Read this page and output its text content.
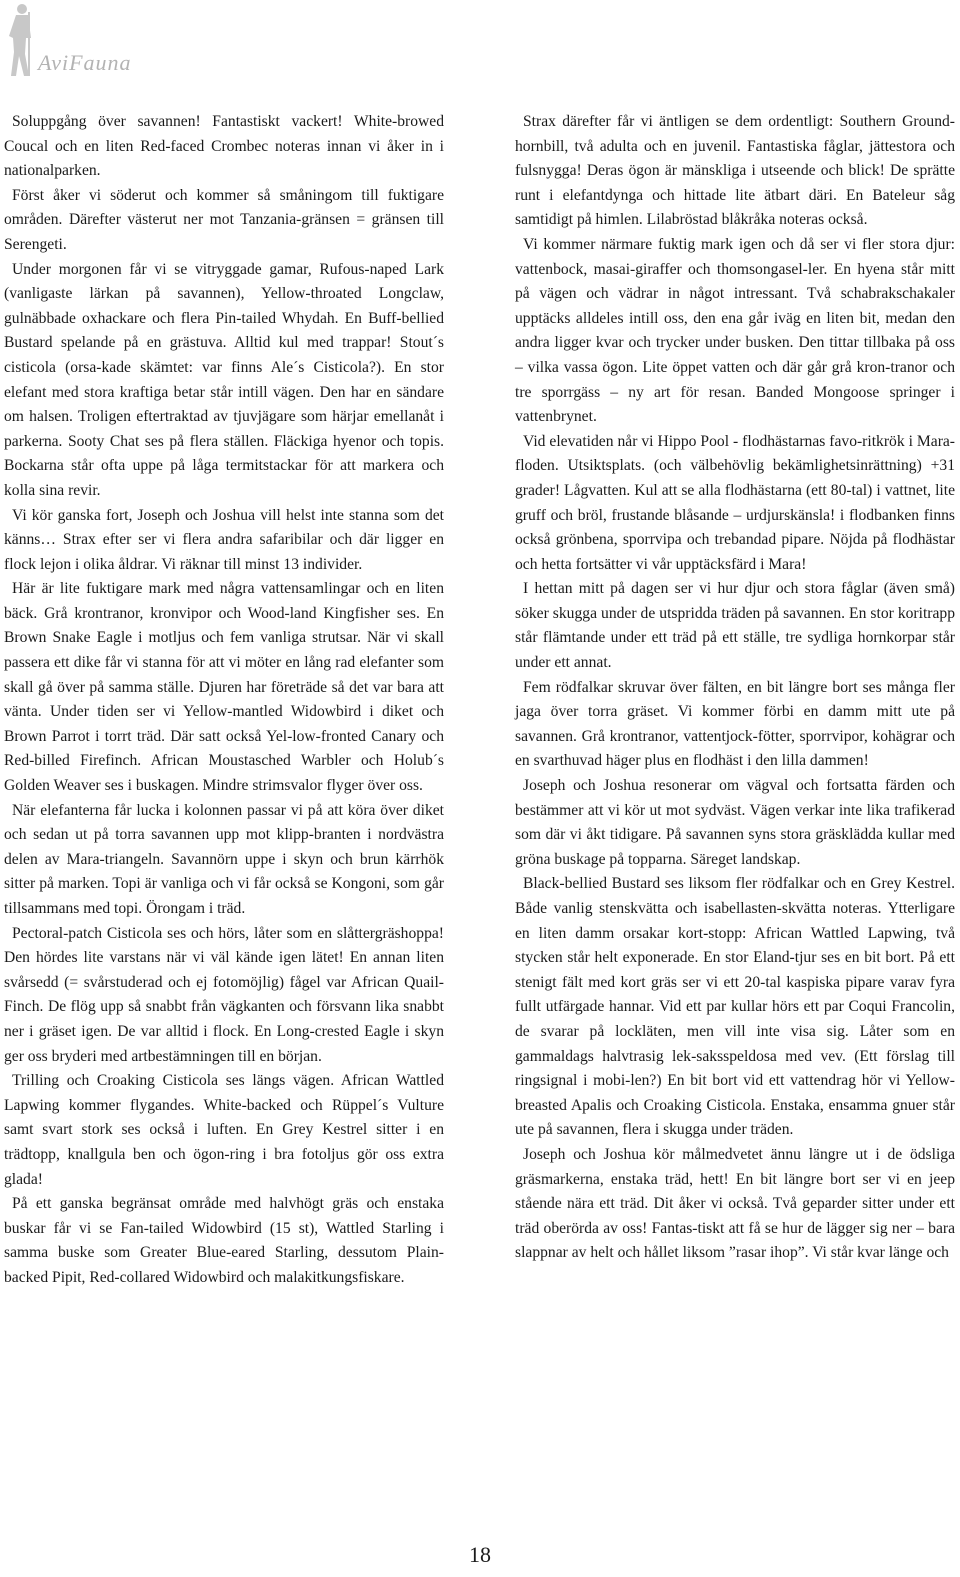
AviFauna

Soluppgång över savannen! Fantastiskt vackert! White-browed Coucal och en liten Red-faced Crombec noteras innan vi åker in i nationalparken.

Först åker vi söderut och kommer så småningom till fuktigare områden. Därefter västerut ner mot Tanzania-gränsen = gränsen till Serengeti.

Under morgonen får vi se vitryggade gamar, Rufous-naped Lark (vanligaste lärkan på savannen), Yellow-throated Longclaw, gulnäbbade oxhackare och flera Pin-tailed Whydah. En Buff-bellied Bustard spelande på en grästuva. Alltid kul med trappar! Stout´s cisticola (orsa-kade skämtet: var finns Ale´s Cisticola?). En stor elefant med stora kraftiga betar står intill vägen. Den har en sändare om halsen. Troligen eftertraktad av tjuvjägare som härjar emellanåt i parkerna. Sooty Chat ses på flera ställen. Fläckiga hyenor och topis. Bockarna står ofta uppe på låga termitstackar för att markera och kolla sina revir.

Vi kör ganska fort, Joseph och Joshua vill helst inte stanna som det känns… Strax efter ser vi flera andra safaribilar och där ligger en flock lejon i olika åldrar. Vi räknar till minst 13 individer.

Här är lite fuktigare mark med några vattensamlingar och en liten bäck. Grå krontranor, kronvipor och Wood-land Kingfisher ses. En Brown Snake Eagle i motljus och fem vanliga strutsar. När vi skall passera ett dike får vi stanna för att vi möter en lång rad elefanter som skall gå över på samma ställe. Djuren har företräde så det var bara att vänta. Under tiden ser vi Yellow-mantled Widowbird i diket och Brown Parrot i torrt träd. Där satt också Yel-low-fronted Canary och Red-billed Firefinch. African Moustasched Warbler och Holub´s Golden Weaver ses i buskagen. Mindre strimsvalor flyger över oss.

När elefanterna får lucka i kolonnen passar vi på att köra över diket och sedan ut på torra savannen upp mot klipp-branten i nordvästra delen av Mara-triangeln. Savannörn uppe i skyn och brun kärrhök sitter på marken. Topi är vanliga och vi får också se Kongoni, som går tillsammans med topi. Örongam i träd.

Pectoral-patch Cisticola ses och hörs, låter som en slåttergräshoppa! Den hördes lite varstans när vi väl kände igen lätet! En annan liten svårsedd (= svårstuderad och ej fotomöjlig) fågel var African Quail-Finch. De flög upp så snabbt från vägkanten och försvann lika snabbt ner i gräset igen. De var alltid i flock. En Long-crested Eagle i skyn ger oss bryderi med artbestämningen till en början.

Trilling och Croaking Cisticola ses längs vägen. African Wattled Lapwing kommer flygandes. White-backed och Rüppel´s Vulture samt svart stork ses också i luften. En Grey Kestrel sitter i en trädtopp, knallgula ben och ögon-ring i bra fotoljus gör oss extra glada!

På ett ganska begränsat område med halvhögt gräs och enstaka buskar får vi se Fan-tailed Widowbird (15 st), Wattled Starling i samma buske som Greater Blue-eared Starling, dessutom Plain-backed Pipit, Red-collared Widowbird och malakitkungsfiskare.

Strax därefter får vi äntligen se dem ordentligt: Southern Ground-hornbill, två adulta och en juvenil. Fantastiska fåglar, jättestora och fulsnygga! Deras ögon är mänskliga i utseende och blick! De sprätte runt i elefantdynga och hittade lite ätbart däri. En Bateleur såg samtidigt på himlen. Lilabröstad blåkråka noteras också.

Vi kommer närmare fuktig mark igen och då ser vi fler stora djur: vattenbock, masai-giraffer och thomsongasel-ler. En hyena står mitt på vägen och vädrar in något intressant. Två schabrakschakaler upptäcks alldeles intill oss, den ena går iväg en liten bit, medan den andra ligger kvar och trycker under busken. Den tittar tillbaka på oss – vilka vassa ögon. Lite öppet vatten och där går grå kron-tranor och tre sporrgäss – ny art för resan. Banded Mongoose springer i vattenbrynet.

Vid elevatiden når vi Hippo Pool - flodhästarnas favo-ritkrök i Mara-floden. Utsiktsplats. (och välbehövlig bekämlighetsinrättning) +31 grader! Lågvatten. Kul att se alla flodhästarna (ett 80-tal) i vattnet, lite gruff och bröl, frustande blåsande – urdjurskänsla! i flodbanken finns också grönbena, sporrvipa och trebandad pipare. Nöjda på flodhästar och hetta fortsätter vi vår upptäcksfärd i Mara!

I hettan mitt på dagen ser vi hur djur och stora fåglar (även små) söker skugga under de utspridda träden på savannen. En stor koritrapp står flämtande under ett träd på ett ställe, tre sydliga hornkorpar står under ett annat.

Fem rödfalkar skruvar över fälten, en bit längre bort ses många fler jaga över torra gräset. Vi kommer förbi en damm mitt ute på savannen. Grå krontranor, vattentjock-fötter, sporrvipor, kohägrar och en svarthuvad häger plus en flodhäst i den lilla dammen!

Joseph och Joshua resonerar om vägval och fortsatta färden och bestämmer att vi kör ut mot sydväst. Vägen verkar inte lika trafikerad som där vi åkt tidigare. På savannen syns stora gräsklädda kullar med gröna buskage på topparna. Säreget landskap.

Black-bellied Bustard ses liksom fler rödfalkar och en Grey Kestrel. Både vanlig stenskvätta och isabellasten-skvätta noteras. Ytterligare en liten damm orsakar kort-stopp: African Wattled Lapwing, två stycken står helt exponerade. En stor Eland-tjur ses en bit bort. På ett stenigt fält med kort gräs ser vi ett 20-tal kaspiska pipare varav fyra fullt utfärgade hannar. Vid ett par kullar hörs ett par Coqui Francolin, de svarar på lockläten, men vill inte visa sig. Låter som en gammaldags halvtrasig lek-saksspeldosa med vev. (Ett förslag till ringsignal i mobi-len?) En bit bort vid ett vattendrag hör vi Yellow-breasted Apalis och Croaking Cisticola. Enstaka, ensamma gnuer står ute på savannen, flera i skugga under träden.

Joseph och Joshua kör målmedvetet ännu längre ut i de ödsliga gräsmarkerna, enstaka träd, hett! En bit längre bort ser vi en jeep stående nära ett träd. Dit åker vi också. Två geparder sitter under ett träd oberörda av oss! Fantas-tiskt att få se hur de lägger sig ner – bara slappnar av helt och hållet liksom ”rasar ihop”. Vi står kvar länge och

18
